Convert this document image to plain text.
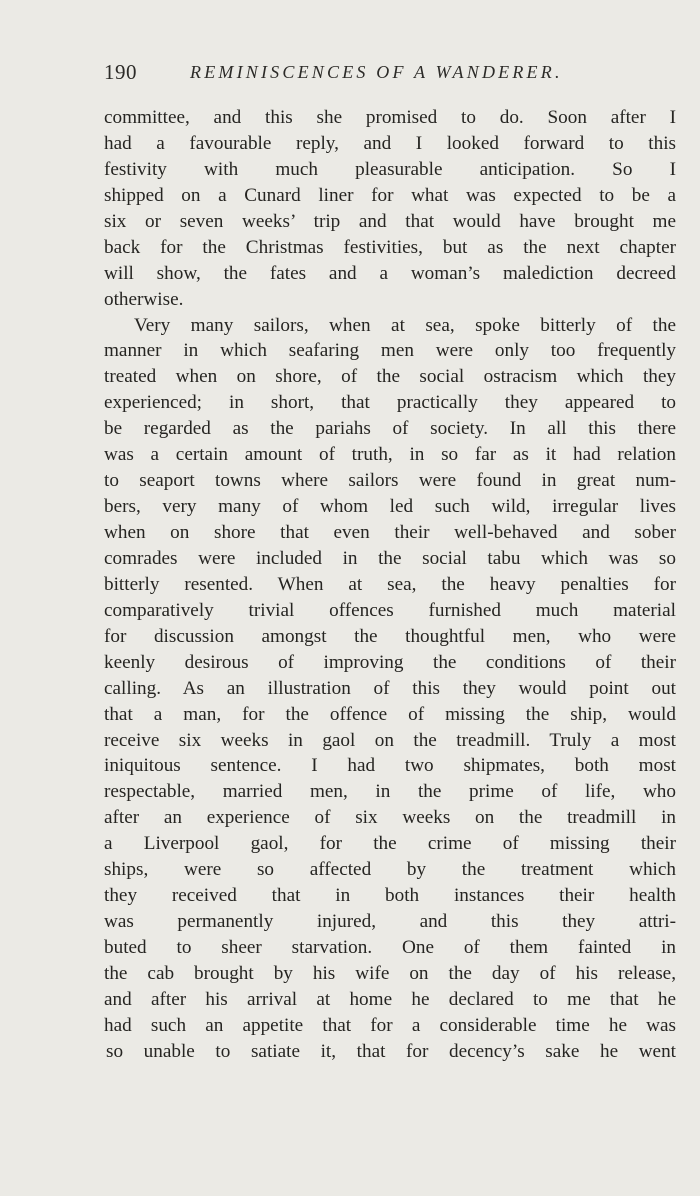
190	REMINISCENCES OF A WANDERER.
committee, and this she promised to do. Soon after I
had a favourable reply, and I looked forward to this
festivity with much pleasurable anticipation. So I
shipped on a Cunard liner for what was expected to be a
six or seven weeks’ trip and that would have brought me
back for the Christmas festivities, but as the next chapter
will show, the fates and a woman’s malediction decreed
otherwise.
Very many sailors, when at sea, spoke bitterly of the
manner in which seafaring men were only too frequently
treated when on shore, of the social ostracism which they
experienced; in short, that practically they appeared to
be regarded as the pariahs of society. In all this there
was a certain amount of truth, in so far as it had relation
to seaport towns where sailors were found in great num-
bers, very many of whom led such wild, irregular lives
when on shore that even their well-behaved and sober
comrades were included in the social tabu which was so
bitterly resented. When at sea, the heavy penalties for
comparatively trivial offences furnished much material
for discussion amongst the thoughtful men, who were
keenly desirous of improving the conditions of their
calling. As an illustration of this they would point out
that a man, for the offence of missing the ship, would
receive six weeks in gaol on the treadmill. Truly a most
iniquitous sentence. I had two shipmates, both most
respectable, married men, in the prime of life, who
after an experience of six weeks on the treadmill in
a Liverpool gaol, for the crime of missing their
ships, were so affected by the treatment which
they received that in both instances their health
was permanently injured, and this they attri-
buted to sheer starvation. One of them fainted in
the cab brought by his wife on the day of his release,
and after his arrival at home he declared to me that he
had such an appetite that for a considerable time he was
so unable to satiate it, that for decency’s sake he went
